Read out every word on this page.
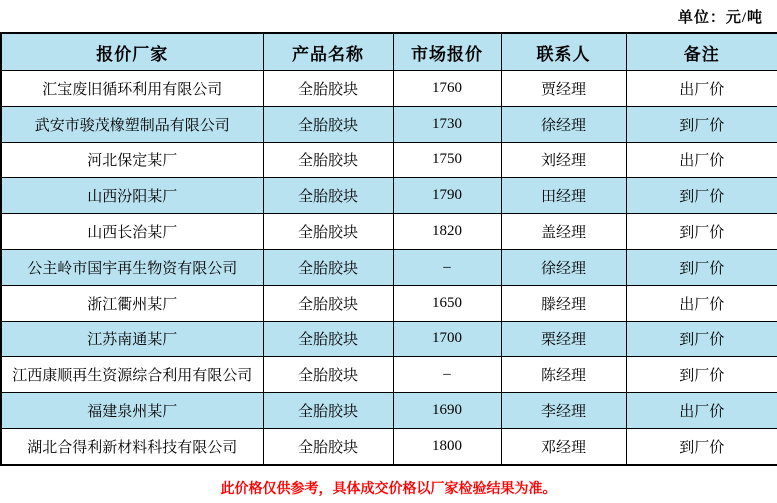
单位：元/吨
报价厂家	产品名称	市场报价	联系人	备注
汇宝废旧循环利用有限公司	全胎胶块	1760	贾经理	出厂价
武安市骏茂橡塑制品有限公司	全胎胶块	1730	徐经理	到厂价
河北保定某厂	全胎胶块	1750	刘经理	出厂价
山西汾阳某厂	全胎胶块	1790	田经理	到厂价
山西长治某厂	全胎胶块	1820	盖经理	到厂价
公主岭市国宇再生物资有限公司	全胎胶块	–	徐经理	到厂价
浙江衢州某厂	全胎胶块	1650	滕经理	出厂价
江苏南通某厂	全胎胶块	1700	栗经理	到厂价
江西康顺再生资源综合利用有限公司	全胎胶块	–	陈经理	到厂价
福建泉州某厂	全胎胶块	1690	李经理	出厂价
湖北合得利新材料科技有限公司	全胎胶块	1800	邓经理	到厂价
此价格仅供参考，具体成交价格以厂家检验结果为准。
